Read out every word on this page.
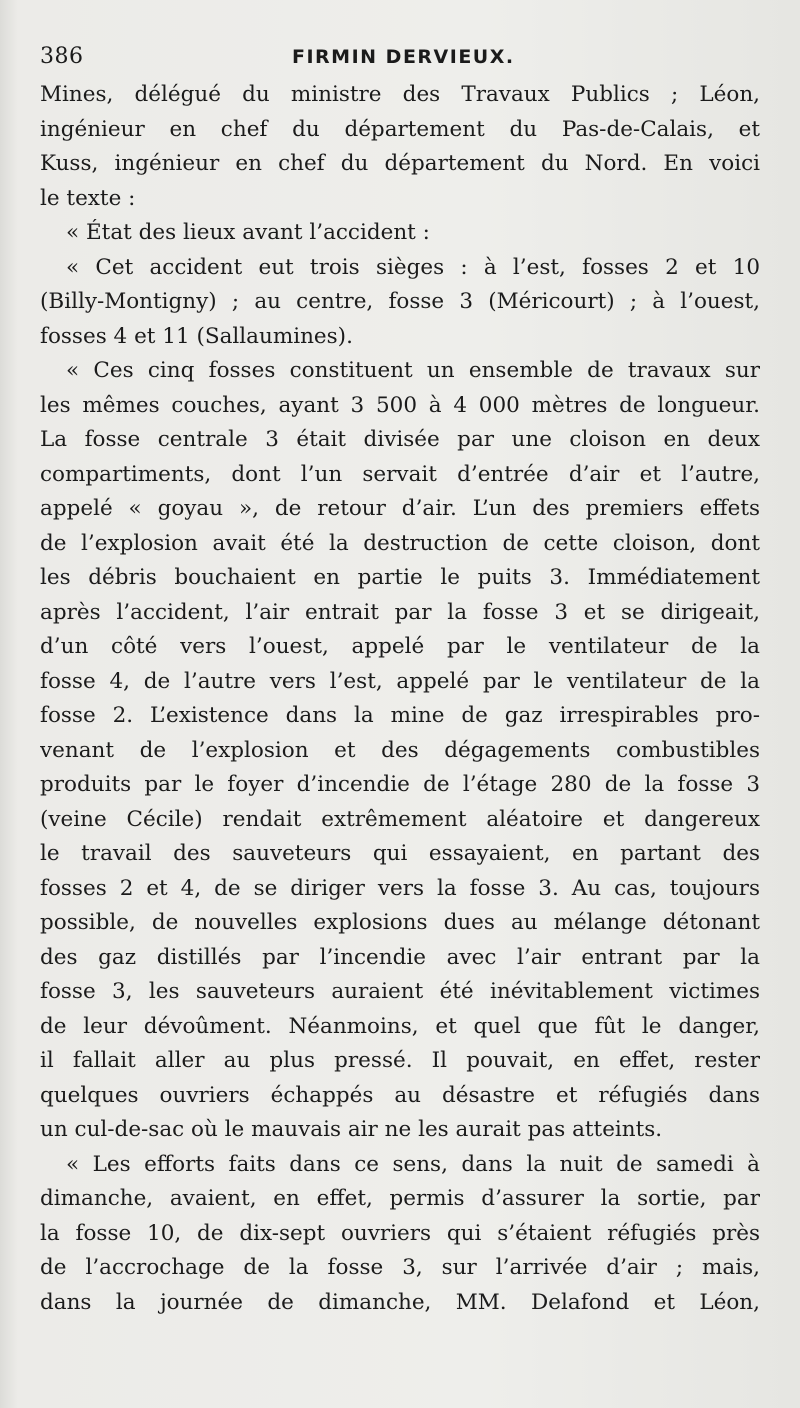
386	FIRMIN DERVIEUX.
Mines, délégué du ministre des Travaux Publics ; Léon,
ingénieur en chef du département du Pas-de-Calais, et
Kuss, ingénieur en chef du département du Nord. En voici
le texte :
« État des lieux avant l’accident :
« Cet accident eut trois sièges : à l’est, fosses 2 et 10
(Billy-Montigny) ; au centre, fosse 3 (Méricourt) ; à l’ouest,
fosses 4 et 11 (Sallaumines).
« Ces cinq fosses constituent un ensemble de travaux sur
les mêmes couches, ayant 3 500 à 4 000 mètres de longueur.
La fosse centrale 3 était divisée par une cloison en deux
compartiments, dont l’un servait d’entrée d’air et l’autre,
appelé « goyau », de retour d’air. L’un des premiers effets
de l’explosion avait été la destruction de cette cloison, dont
les débris bouchaient en partie le puits 3. Immédiatement
après l’accident, l’air entrait par la fosse 3 et se dirigeait,
d’un côté vers l’ouest, appelé par le ventilateur de la
fosse 4, de l’autre vers l’est, appelé par le ventilateur de la
fosse 2. L’existence dans la mine de gaz irrespirables pro-
venant de l’explosion et des dégagements combustibles
produits par le foyer d’incendie de l’étage 280 de la fosse 3
(veine Cécile) rendait extrêmement aléatoire et dangereux
le travail des sauveteurs qui essayaient, en partant des
fosses 2 et 4, de se diriger vers la fosse 3. Au cas, toujours
possible, de nouvelles explosions dues au mélange détonant
des gaz distillés par l’incendie avec l’air entrant par la
fosse 3, les sauveteurs auraient été inévitablement victimes
de leur dévoûment. Néanmoins, et quel que fût le danger,
il fallait aller au plus pressé. Il pouvait, en effet, rester
quelques ouvriers échappés au désastre et réfugiés dans
un cul-de-sac où le mauvais air ne les aurait pas atteints.
« Les efforts faits dans ce sens, dans la nuit de samedi à
dimanche, avaient, en effet, permis d’assurer la sortie, par
la fosse 10, de dix-sept ouvriers qui s’étaient réfugiés près
de l’accrochage de la fosse 3, sur l’arrivée d’air ; mais,
dans la journée de dimanche, MM. Delafond et Léon,
